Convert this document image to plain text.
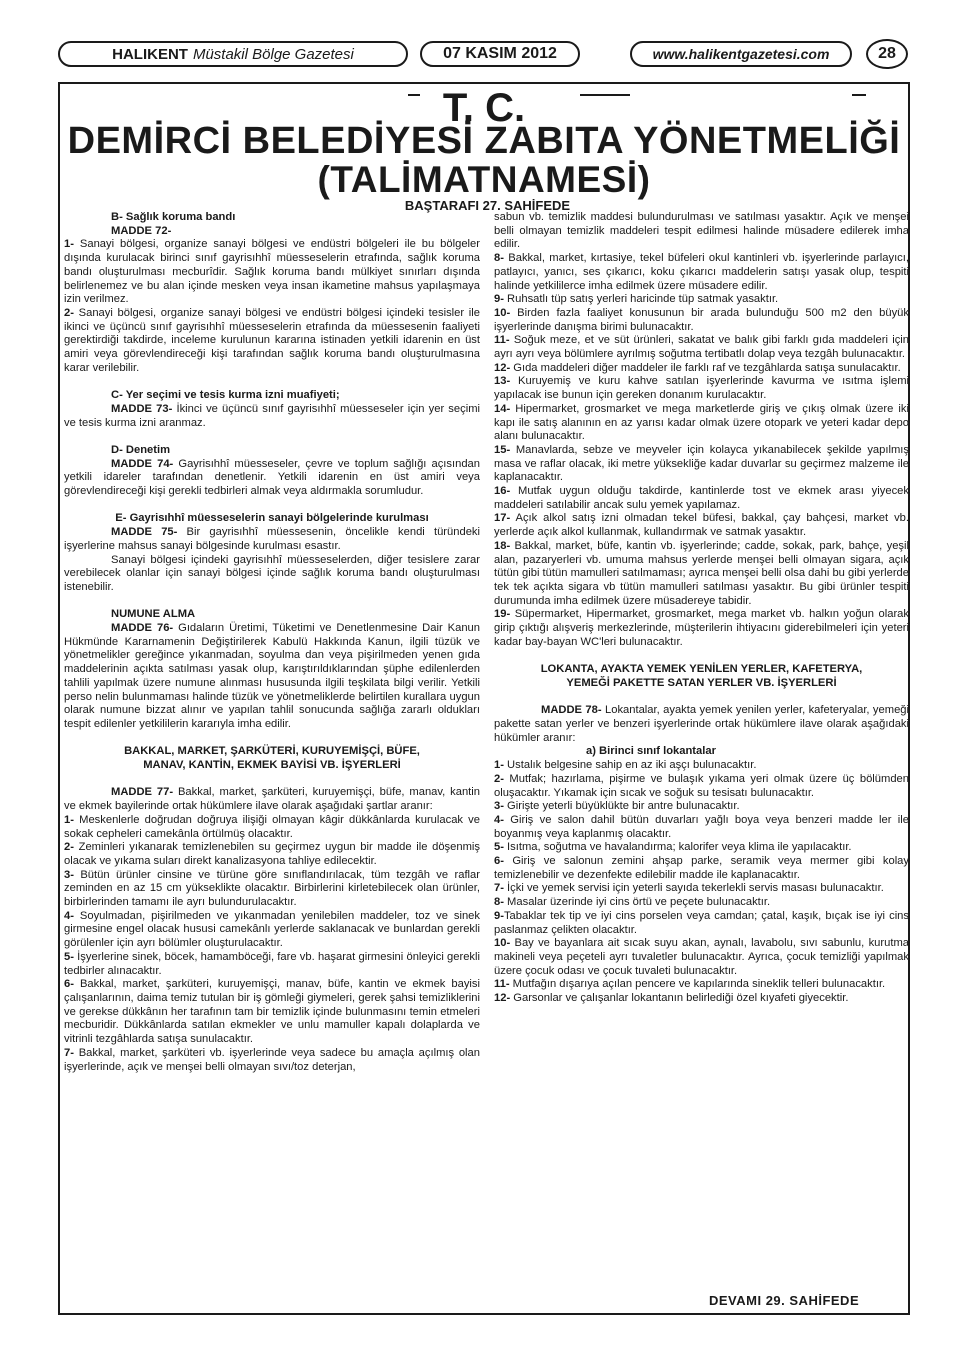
HALIKENT Müstakil Bölge Gazetesi	07 KASIM 2012	www.halikentgazetesi.com	28
T. C.
DEMİRCİ BELEDİYESİ ZABITA YÖNETMELİĞİ
(TALİMATNAMESİ)
BAŞTARAFI 27. SAHİFEDE

B- Sağlık koruma bandı

MADDE 72-

1- Sanayi bölgesi, organize sanayi bölgesi ve endüstri bölgeleri ile bu bölgeler dışında kurulacak birinci sınıf gayrisıhhî müesseselerin etrafında, sağlık koruma bandı oluşturulması mecburîdir. Sağlık koruma bandı mülkiyet sınırları dışında belirlenemez ve bu alan içinde mesken veya insan ikametine mahsus yapılaşmaya izin verilmez.

2- Sanayi bölgesi, organize sanayi bölgesi ve endüstri bölgesi içindeki tesisler ile ikinci ve üçüncü sınıf gayrisıhhî müesseselerin etrafında da müessesenin faaliyeti gerektirdiği takdirde, inceleme kurulunun kararına istinaden yetkili idarenin en üst amiri veya görevlendireceği kişi tarafından sağlık koruma bandı oluşturulmasına karar verilebilir.

C- Yer seçimi ve tesis kurma izni muafiyeti;

MADDE 73- İkinci ve üçüncü sınıf gayrisıhhî müesseseler için yer seçimi ve tesis kurma izni aranmaz.

D- Denetim

MADDE 74- Gayrisıhhî müesseseler, çevre ve toplum sağlığı açısından yetkili idareler tarafından denetlenir. Yetkili idarenin en üst amiri veya görevlendireceği kişi gerekli tedbirleri almak veya aldırmakla sorumludur.

E- Gayrisıhhî müesseselerin sanayi bölgelerinde kurulması

MADDE 75- Bir gayrisıhhî müessesenin, öncelikle kendi türündeki işyerlerine mahsus sanayi bölgesinde kurulması esastır.

Sanayi bölgesi içindeki gayrisıhhî müesseselerden, diğer tesislere zarar verebilecek olanlar için sanayi bölgesi içinde sağlık koruma bandı oluşturulması istenebilir.

NUMUNE ALMA

MADDE 76- Gıdaların Üretimi, Tüketimi ve Denetlenmesine Dair Kanun Hükmünde Kararnamenin Değiştirilerek Kabulü Hakkında Kanun, ilgili tüzük ve yönetmelikler gereğince yıkanmadan, soyulma dan veya pişirilmeden yenen gıda maddelerinin açıkta satılması yasak olup, karıştırıldıklarından şüphe edilenlerden tahlili yapılmak üzere numune alınması hususunda ilgili teşkilata bilgi verilir. Yetkili perso nelin bulunmaması halinde tüzük ve yönetmeliklerde belirtilen kurallara uygun olarak numune bizzat alınır ve yapılan tahlil sonucunda sağlığa zararlı oldukları tespit edilenler yetkililerin kararıyla imha edilir.

BAKKAL, MARKET, ŞARKÜTERİ, KURUYEMİŞÇİ, BÜFE,

MANAV, KANTİN, EKMEK BAYİSİ VB. İŞYERLERİ

MADDE 77- Bakkal, market, şarküteri, kuruyemişçi, büfe, manav, kantin ve ekmek bayilerinde ortak hükümlere ilave olarak aşağıdaki şartlar aranır:

1- Meskenlerle doğrudan doğruya ilişiği olmayan kâgir dükkânlarda kurulacak ve sokak cepheleri camekânla örtülmüş olacaktır.

2- Zeminleri yıkanarak temizlenebilen su geçirmez uygun bir madde ile döşenmiş olacak ve yıkama suları direkt kanalizasyona tahliye edilecektir.

3- Bütün ürünler cinsine ve türüne göre sınıflandırılacak, tüm tezgâh ve raflar zeminden en az 15 cm yükseklikte olacaktır. Birbirlerini kirletebilecek olan ürünler, birbirlerinden tamamı ile ayrı bulundurulacaktır.

4- Soyulmadan, pişirilmeden ve yıkanmadan yenilebilen maddeler, toz ve sinek girmesine engel olacak hususi camekânlı yerlerde saklanacak ve bunlardan gerekli görülenler için ayrı bölümler oluşturulacaktır.

5- İşyerlerine sinek, böcek, hamamböceği, fare vb. haşarat girmesini önleyici gerekli tedbirler alınacaktır.

6- Bakkal, market, şarküteri, kuruyemişçi, manav, büfe, kantin ve ekmek bayisi çalışanlarının, daima temiz tutulan bir iş gömleği giymeleri, gerek şahsi temizliklerini ve gerekse dükkânın her tarafının tam bir temizlik içinde bulunmasını temin etmeleri mecburidir. Dükkânlarda satılan ekmekler ve unlu mamuller kapalı dolaplarda ve vitrinli tezgâhlarda satışa sunulacaktır.

7- Bakkal, market, şarküteri vb. işyerlerinde veya sadece bu amaçla açılmış olan işyerlerinde, açık ve menşei belli olmayan sıvı/toz deterjan,

sabun vb. temizlik maddesi bulundurulması ve satılması yasaktır. Açık ve menşei belli olmayan temizlik maddeleri tespit edilmesi halinde müsadere edilerek imha edilir.

8- Bakkal, market, kırtasiye, tekel büfeleri okul kantinleri vb. işyerlerinde parlayıcı, patlayıcı, yanıcı, ses çıkarıcı, koku çıkarıcı maddelerin satışı yasak olup, tespiti halinde yetkililerce imha edilmek üzere müsadere edilir.

9- Ruhsatlı tüp satış yerleri haricinde tüp satmak yasaktır.

10- Birden fazla faaliyet konusunun bir arada bulunduğu 500 m2 den büyük işyerlerinde danışma birimi bulunacaktır.

11- Soğuk meze, et ve süt ürünleri, sakatat ve balık gibi farklı gıda maddeleri için ayrı ayrı veya bölümlere ayrılmış soğutma tertibatlı dolap veya tezgâh bulunacaktır.

12- Gıda maddeleri diğer maddeler ile farklı raf ve tezgâhlarda satışa sunulacaktır.

13- Kuruyemiş ve kuru kahve satılan işyerlerinde kavurma ve ısıtma işlemi yapılacak ise bunun için gereken donanım kurulacaktır.

14- Hipermarket, grosmarket ve mega marketlerde giriş ve çıkış olmak üzere iki kapı ile satış alanının en az yarısı kadar olmak üzere otopark ve yeteri kadar depo alanı bulunacaktır.

15- Manavlarda, sebze ve meyveler için kolayca yıkanabilecek şekilde yapılmış masa ve raflar olacak, iki metre yüksekliğe kadar duvarlar su geçirmez malzeme ile kaplanacaktır.

16- Mutfak uygun olduğu takdirde, kantinlerde tost ve ekmek arası yiyecek maddeleri satılabilir ancak sulu yemek yapılamaz.

17- Açık alkol satış izni olmadan tekel büfesi, bakkal, çay bahçesi, market vb. yerlerde açık alkol kullanmak, kullandırmak ve satmak yasaktır.

18- Bakkal, market, büfe, kantin vb. işyerlerinde; cadde, sokak, park, bahçe, yeşil alan, pazaryerleri vb. umuma mahsus yerlerde menşei belli olmayan sigara, açık tütün gibi tütün mamulleri satılmaması; ayrıca menşei belli olsa dahi bu gibi yerlerde tek tek açıkta sigara vb tütün mamulleri satılması yasaktır. Bu gibi ürünler tespiti durumunda imha edilmek üzere müsadereye tabidir.

19- Süpermarket, Hipermarket, grosmarket, mega market vb. halkın yoğun olarak girip çıktığı alışveriş merkezlerinde, müşterilerin ihtiyacını giderebilmeleri için yeteri kadar bay-bayan WC'leri bulunacaktır.

LOKANTA, AYAKTA YEMEK YENİLEN YERLER, KAFETERYA,

YEMEĞİ PAKETTE SATAN YERLER VB. İŞYERLERİ

MADDE 78- Lokantalar, ayakta yemek yenilen yerler, kafeteryalar, yemeği pakette satan yerler ve benzeri işyerlerinde ortak hükümlere ilave olarak aşağıdaki hükümler aranır:

a) Birinci sınıf lokantalar

1- Ustalık belgesine sahip en az iki aşçı bulunacaktır.

2- Mutfak; hazırlama, pişirme ve bulaşık yıkama yeri olmak üzere üç bölümden oluşacaktır. Yıkamak için sıcak ve soğuk su tesisatı bulunacaktır.

3- Girişte yeterli büyüklükte bir antre bulunacaktır.

4- Giriş ve salon dahil bütün duvarları yağlı boya veya benzeri madde ler ile boyanmış veya kaplanmış olacaktır.

5- Isıtma, soğutma ve havalandırma; kalorifer veya klima ile yapılacaktır.

6- Giriş ve salonun zemini ahşap parke, seramik veya mermer gibi kolay temizlenebilir ve dezenfekte edilebilir madde ile kaplanacaktır.

7- İçki ve yemek servisi için yeterli sayıda tekerlekli servis masası bulunacaktır.

8- Masalar üzerinde iyi cins örtü ve peçete bulunacaktır.

9-Tabaklar tek tip ve iyi cins porselen veya camdan; çatal, kaşık, bıçak ise iyi cins paslanmaz çelikten olacaktır.

10- Bay ve bayanlara ait sıcak suyu akan, aynalı, lavabolu, sıvı sabunlu, kurutma makineli veya peçeteli ayrı tuvaletler bulunacaktır. Ayrıca, çocuk temizliği yapılmak üzere çocuk odası ve çocuk tuvaleti bulunacaktır.

11- Mutfağın dışarıya açılan pencere ve kapılarında sineklik telleri bulunacaktır.

12- Garsonlar ve çalışanlar lokantanın belirlediği özel kıyafeti giyecektir.

DEVAMI 29. SAHİFEDE
